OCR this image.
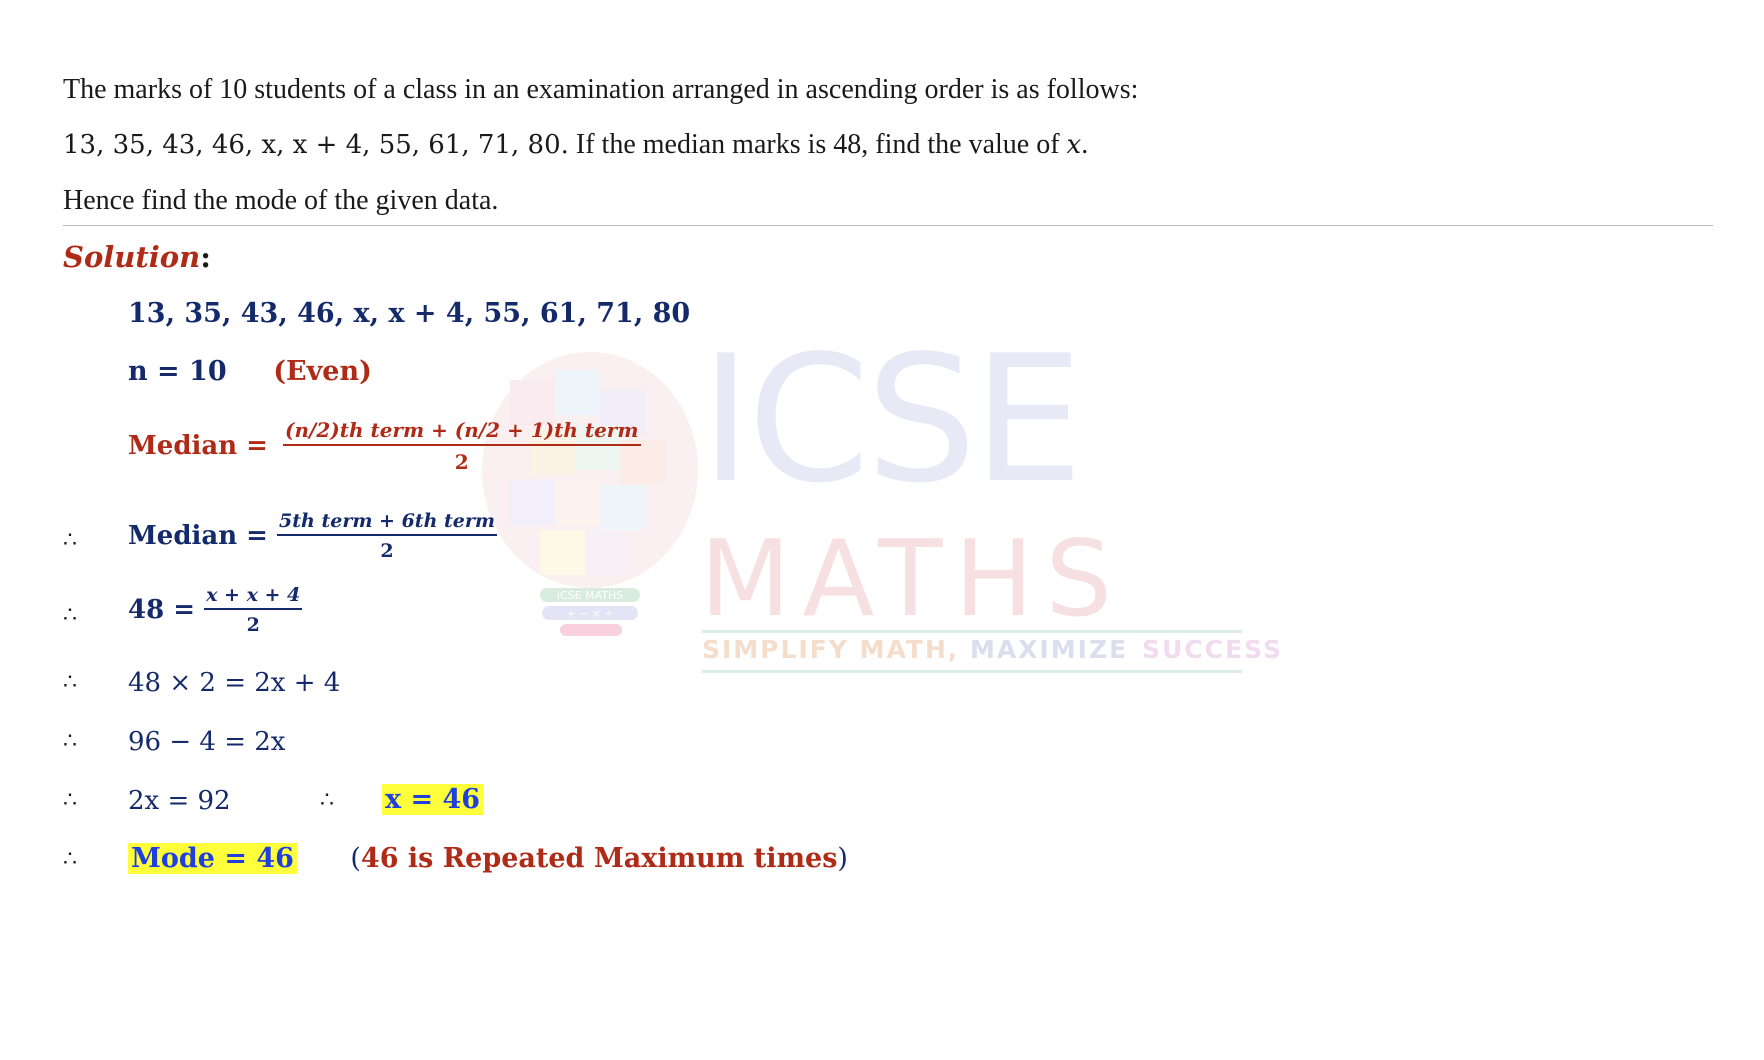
ICSE MATHS
+ − × ÷
ICSE
MATHS
SIMPLIFY MATH, MAXIMIZE SUCCESS

The marks of 10 students of a class in an examination arranged in ascending order is as follows:

13, 35, 43, 46, x, x + 4, 55, 61, 71, 80. If the median marks is 48, find the value of x.

Hence find the mode of the given data.

Solution:
13, 35, 43, 46, x, x + 4, 55, 61, 71, 80
n = 10 (Even)
Median = $\frac{\text{(n/2)th term + (n/2 + 1)th term}}{2}$
∴ Median = $\frac{\text{5th term + 6th term}}{2}$
∴ $48 = \frac{x + x + 4}{2}$
∴ 48 × 2 = 2x + 4
∴ 96 − 4 = 2x
∴ 2x = 92	∴ x = 46
∴ Mode = 46 (46 is Repeated Maximum times)
